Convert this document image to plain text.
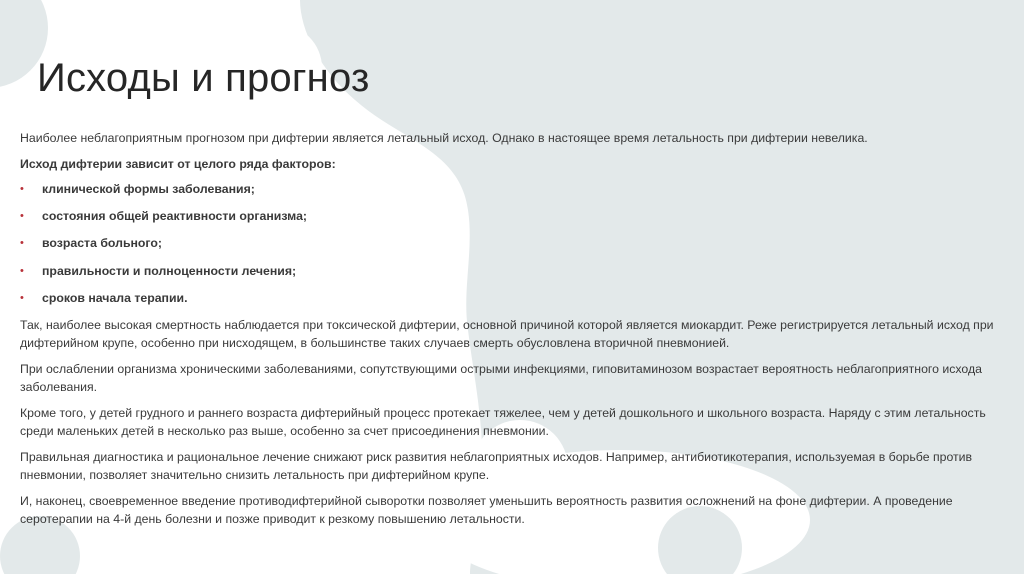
Исходы и прогноз

Наиболее неблагоприятным прогнозом при дифтерии является летальный исход. Однако в настоящее время летальность при дифтерии невелика.

Исход дифтерии зависит от целого ряда факторов:

• клинической формы заболевания;
• состояния общей реактивности организма;
• возраста больного;
• правильности и полноценности лечения;
• сроков начала терапии.

Так, наиболее высокая смертность наблюдается при токсической дифтерии, основной причиной которой является миокардит. Реже регистрируется летальный исход при дифтерийном крупе, особенно при нисходящем, в большинстве таких случаев смерть обусловлена вторичной пневмонией.

При ослаблении организма хроническими заболеваниями, сопутствующими острыми инфекциями, гиповитаминозом возрастает вероятность неблагоприятного исхода заболевания.

Кроме того, у детей грудного и раннего возраста дифтерийный процесс протекает тяжелее, чем у детей дошкольного и школьного возраста. Наряду с этим летальность среди маленьких детей в несколько раз выше, особенно за счет присоединения пневмонии.

Правильная диагностика и рациональное лечение снижают риск развития неблагоприятных исходов. Например, антибиотикотерапия, используемая в борьбе против пневмонии, позволяет значительно снизить летальность при дифтерийном крупе.

И, наконец, своевременное введение противодифтерийной сыворотки позволяет уменьшить вероятность развития осложнений на фоне дифтерии. А проведение серотерапии на 4-й день болезни и позже приводит к резкому повышению летальности.
